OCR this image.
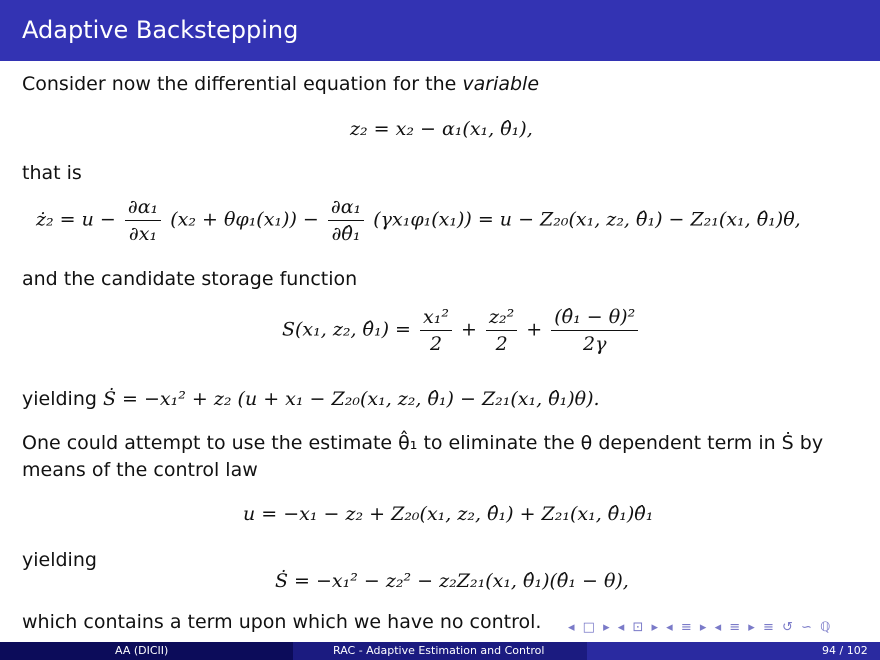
Adaptive Backstepping
Consider now the differential equation for the variable
z₂ = x₂ − α₁(x₁, θ̂₁),
that is
ż₂ = $u - \frac{\text{∂α₁}}{\text{∂x₁}} (x_2 + \theta\varphi_1(x_1)) - \frac{\text{∂α₁}}{\text{∂θ̂₁}} (\gamma x_1\varphi_1(x_1)) = u - Z_{20}(x_1$, z₂, θ̂₁) − Z₂₁(x₁, θ̂₁)θ,
and the candidate storage function
S(x₁, z₂, θ̂₁) = $\frac{\text{x₁²}}{2} + \frac{\text{z₂²}}{2} + \frac{\text{(θ̂₁ − θ)²}}{2\gamma}$
yielding Ṡ = −x₁² + z₂ (u + x₁ − Z₂₀(x₁, z₂, θ̂₁) − Z₂₁(x₁, θ̂₁)θ).
One could attempt to use the estimate θ̂₁ to eliminate the θ dependent term in Ṡ by means of the control law
u = −x₁ − z₂ + Z₂₀(x₁, z₂, θ̂₁) + Z₂₁(x₁, θ̂₁)θ̂₁
yielding
Ṡ = −x₁² − z₂² − z₂Z₂₁(x₁, θ̂₁)(θ̂₁ − θ),
which contains a term upon which we have no control. ◂ □ ▸ ◂ ⊡ ▸ ◂ ≡ ▸ ◂ ≡ ▸ ≡ ↺ ∽ ℚ
AA (DICII)	RAC - Adaptive Estimation and Control	94 / 102
